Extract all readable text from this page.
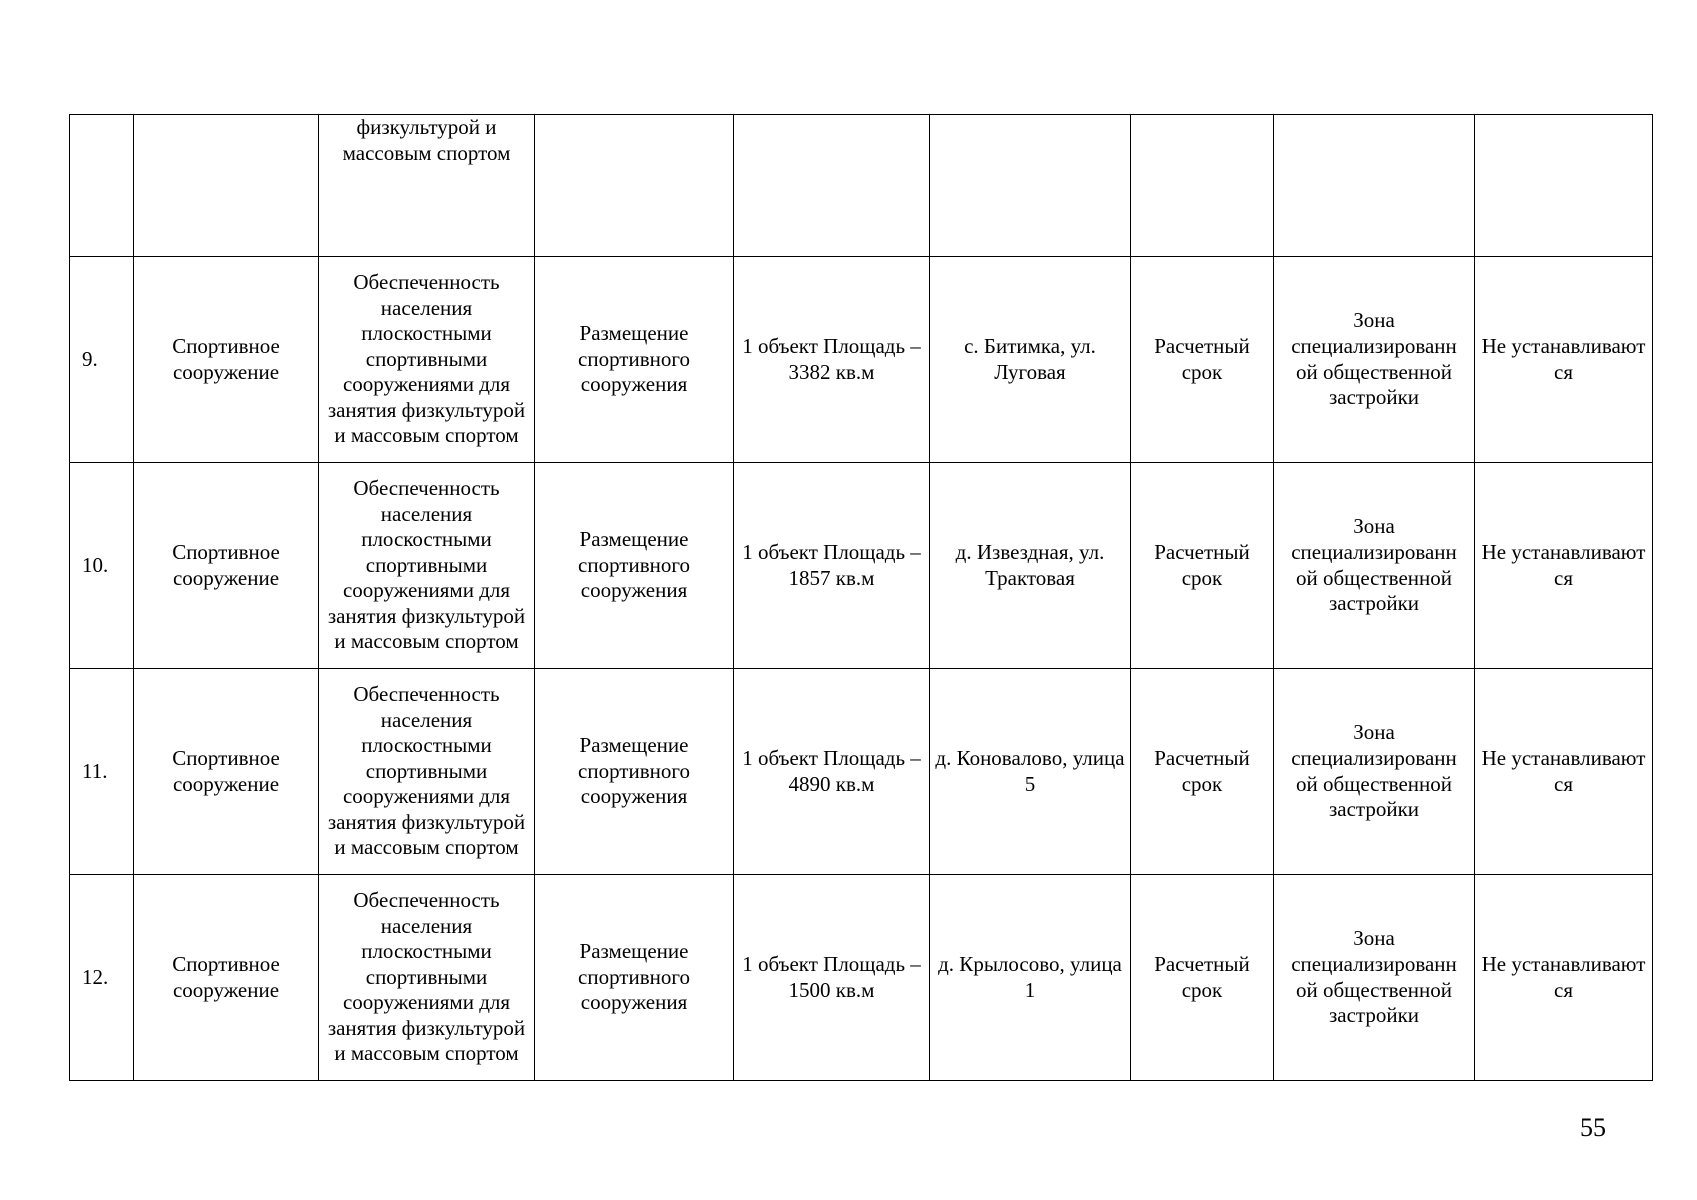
		физкультурой и массовым спортом						
9.	Спортивное сооружение	Обеспеченность населения плоскостными спортивными сооружениями для занятия физкультурой и массовым спортом	Размещение спортивного сооружения	1 объект Площадь – 3382 кв.м	с. Битимка, ул. Луговая	Расчетный срок	Зона специализированн ой общественной застройки	Не устанавливают ся
10.	Спортивное сооружение	Обеспеченность населения плоскостными спортивными сооружениями для занятия физкультурой и массовым спортом	Размещение спортивного сооружения	1 объект Площадь – 1857 кв.м	д. Извездная, ул. Трактовая	Расчетный срок	Зона специализированн ой общественной застройки	Не устанавливают ся
11.	Спортивное сооружение	Обеспеченность населения плоскостными спортивными сооружениями для занятия физкультурой и массовым спортом	Размещение спортивного сооружения	1 объект Площадь – 4890 кв.м	д. Коновалово, улица 5	Расчетный срок	Зона специализированн ой общественной застройки	Не устанавливают ся
12.	Спортивное сооружение	Обеспеченность населения плоскостными спортивными сооружениями для занятия физкультурой и массовым спортом	Размещение спортивного сооружения	1 объект Площадь – 1500 кв.м	д. Крылосово, улица 1	Расчетный срок	Зона специализированн ой общественной застройки	Не устанавливают ся
55
